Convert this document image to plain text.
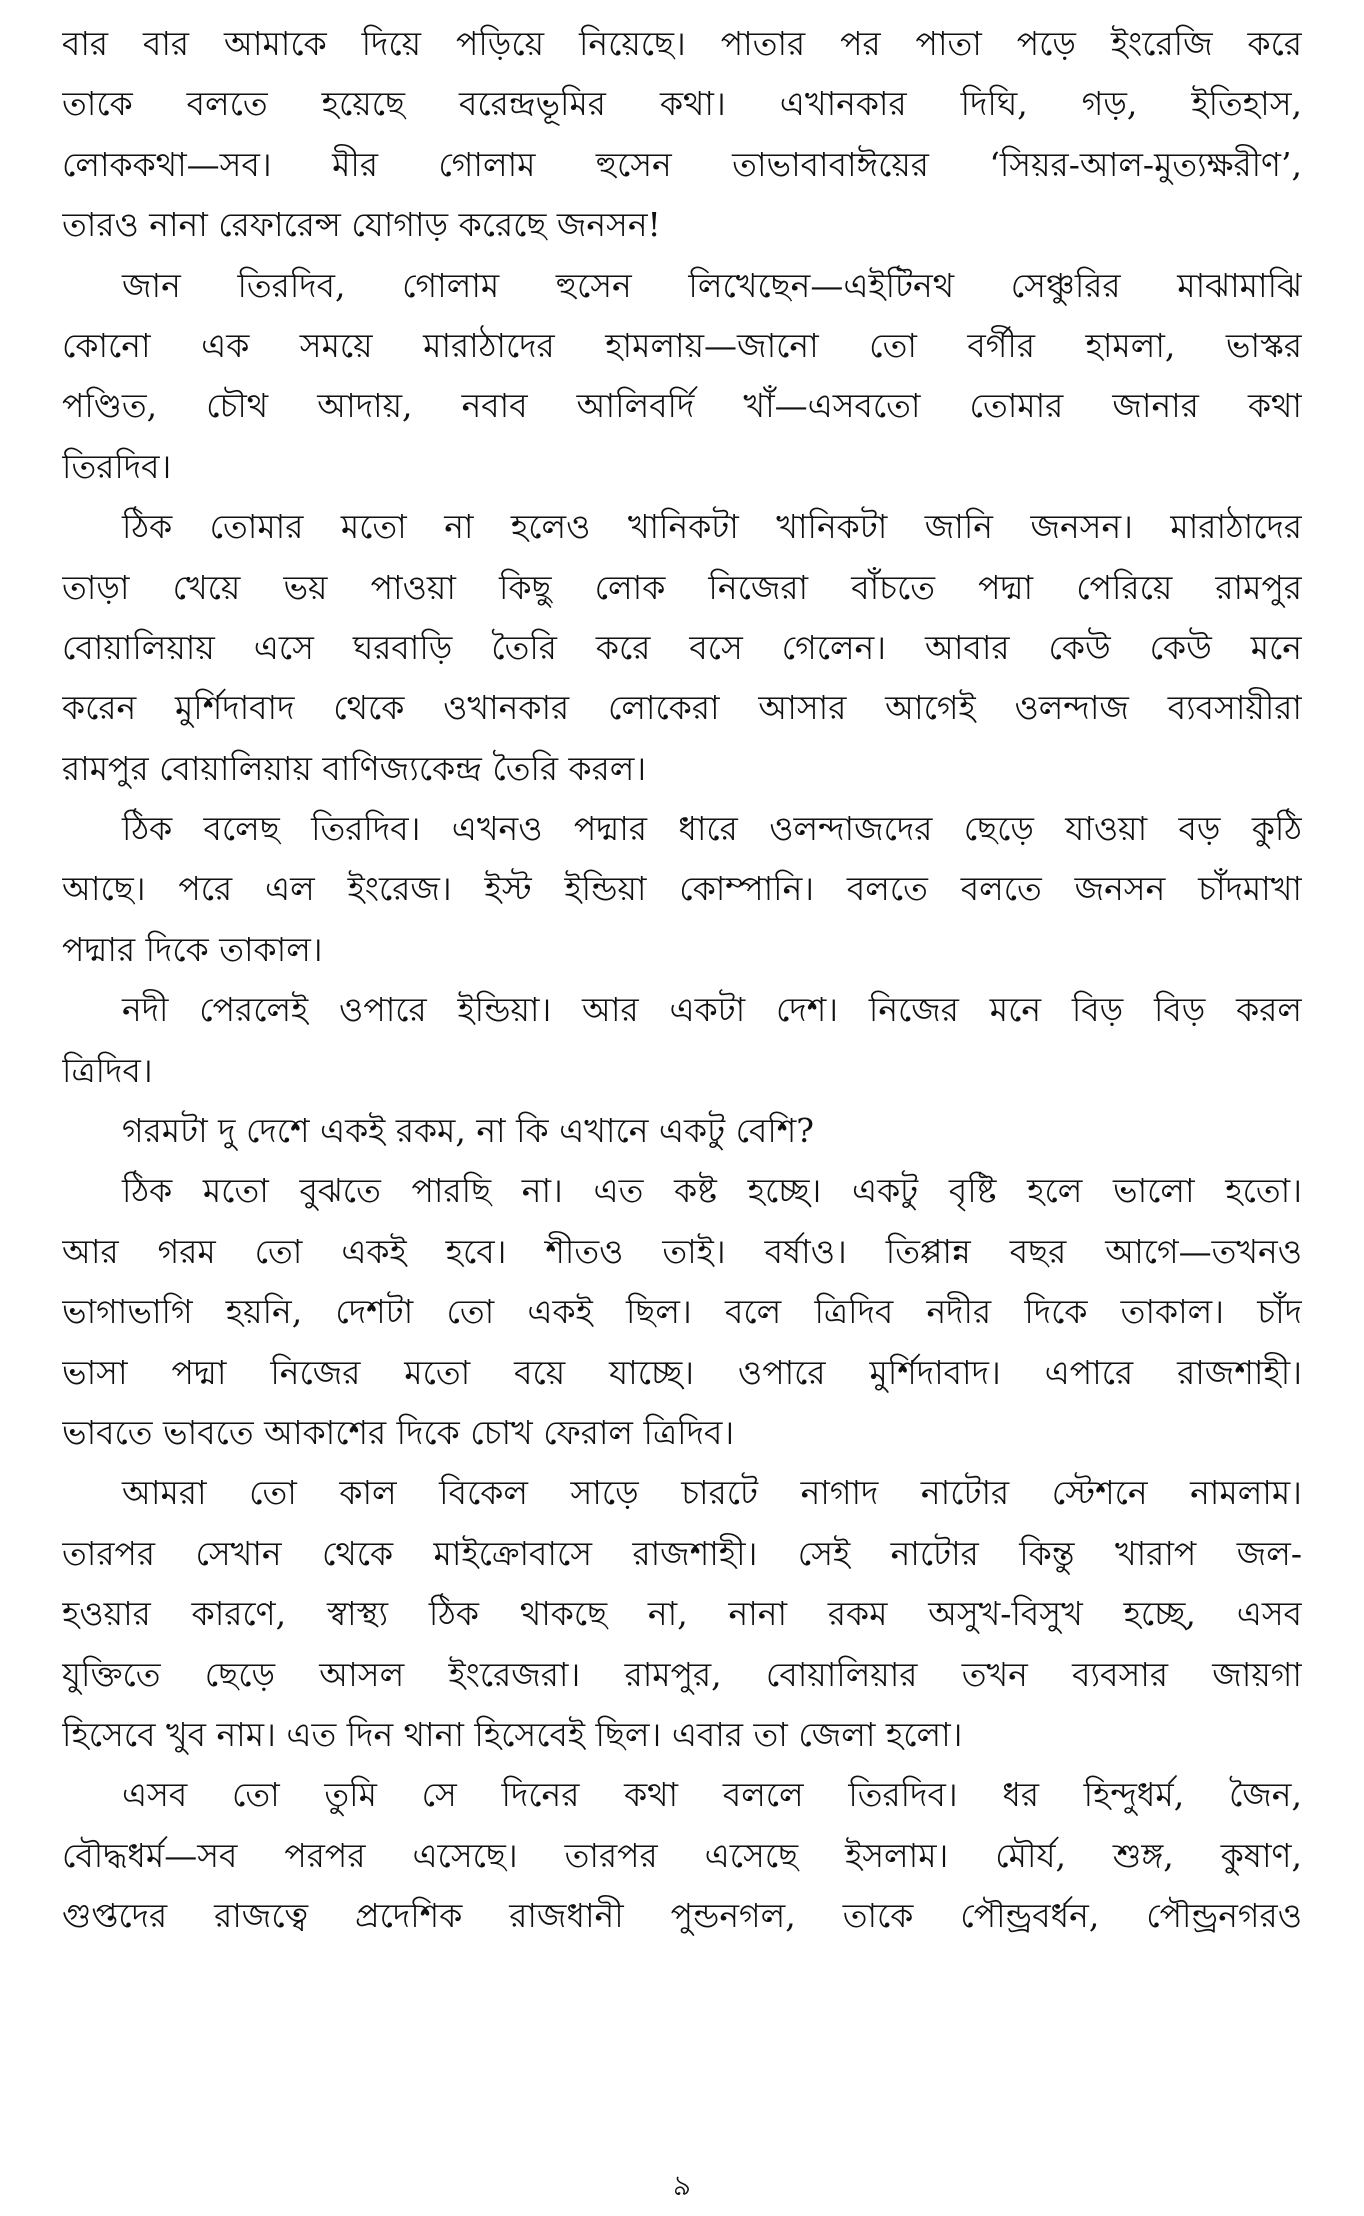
বার বার আমাকে দিয়ে পড়িয়ে নিয়েছে। পাতার পর পাতা পড়ে ইংরেজি করে
তাকে বলতে হয়েছে বরেন্দ্রভূমির কথা। এখানকার দিঘি, গড়, ইতিহাস,
লোককথা—সব। মীর গোলাম হুসেন তাভাবাবাঈয়ের ‘সিয়র-আল-মুত্যক্ষরীণ’,
তারও নানা রেফারেন্স যোগাড় করেছে জনসন!
জান তিরদিব, গোলাম হুসেন লিখেছেন—এইটিনথ সেঞ্চুরির মাঝামাঝি
কোনো এক সময়ে মারাঠাদের হামলায়—জানো তো বর্গীর হামলা, ভাস্কর
পণ্ডিত, চৌথ আদায়, নবাব আলিবর্দি খাঁ—এসবতো তোমার জানার কথা
তিরদিব।
ঠিক তোমার মতো না হলেও খানিকটা খানিকটা জানি জনসন। মারাঠাদের
তাড়া খেয়ে ভয় পাওয়া কিছু লোক নিজেরা বাঁচতে পদ্মা পেরিয়ে রামপুর
বোয়ালিয়ায় এসে ঘরবাড়ি তৈরি করে বসে গেলেন। আবার কেউ কেউ মনে
করেন মুর্শিদাবাদ থেকে ওখানকার লোকেরা আসার আগেই ওলন্দাজ ব্যবসায়ীরা
রামপুর বোয়ালিয়ায় বাণিজ্যকেন্দ্র তৈরি করল।
ঠিক বলেছ তিরদিব। এখনও পদ্মার ধারে ওলন্দাজদের ছেড়ে যাওয়া বড় কুঠি
আছে। পরে এল ইংরেজ। ইস্ট ইন্ডিয়া কোম্পানি। বলতে বলতে জনসন চাঁদমাখা
পদ্মার দিকে তাকাল।
নদী পেরলেই ওপারে ইন্ডিয়া। আর একটা দেশ। নিজের মনে বিড় বিড় করল
ত্রিদিব।
গরমটা দু দেশে একই রকম, না কি এখানে একটু বেশি?
ঠিক মতো বুঝতে পারছি না। এত কষ্ট হচ্ছে। একটু বৃষ্টি হলে ভালো হতো।
আর গরম তো একই হবে। শীতও তাই। বর্ষাও। তিপ্পান্ন বছর আগে—তখনও
ভাগাভাগি হয়নি, দেশটা তো একই ছিল। বলে ত্রিদিব নদীর দিকে তাকাল। চাঁদ
ভাসা পদ্মা নিজের মতো বয়ে যাচ্ছে। ওপারে মুর্শিদাবাদ। এপারে রাজশাহী।
ভাবতে ভাবতে আকাশের দিকে চোখ ফেরাল ত্রিদিব।
আমরা তো কাল বিকেল সাড়ে চারটে নাগাদ নাটোর স্টেশনে নামলাম।
তারপর সেখান থেকে মাইক্রোবাসে রাজশাহী। সেই নাটোর কিন্তু খারাপ জল-
হওয়ার কারণে, স্বাস্থ্য ঠিক থাকছে না, নানা রকম অসুখ-বিসুখ হচ্ছে, এসব
যুক্তিতে ছেড়ে আসল ইংরেজরা। রামপুর, বোয়ালিয়ার তখন ব্যবসার জায়গা
হিসেবে খুব নাম। এত দিন থানা হিসেবেই ছিল। এবার তা জেলা হলো।
এসব তো তুমি সে দিনের কথা বললে তিরদিব। ধর হিন্দুধর্ম, জৈন,
বৌদ্ধধর্ম—সব পরপর এসেছে। তারপর এসেছে ইসলাম। মৌর্য, শুঙ্গ, কুষাণ,
গুপ্তদের রাজত্বে প্রদেশিক রাজধানী পুন্ডনগল, তাকে পৌন্ড্রবর্ধন, পৌন্ড্রনগরও
৯
